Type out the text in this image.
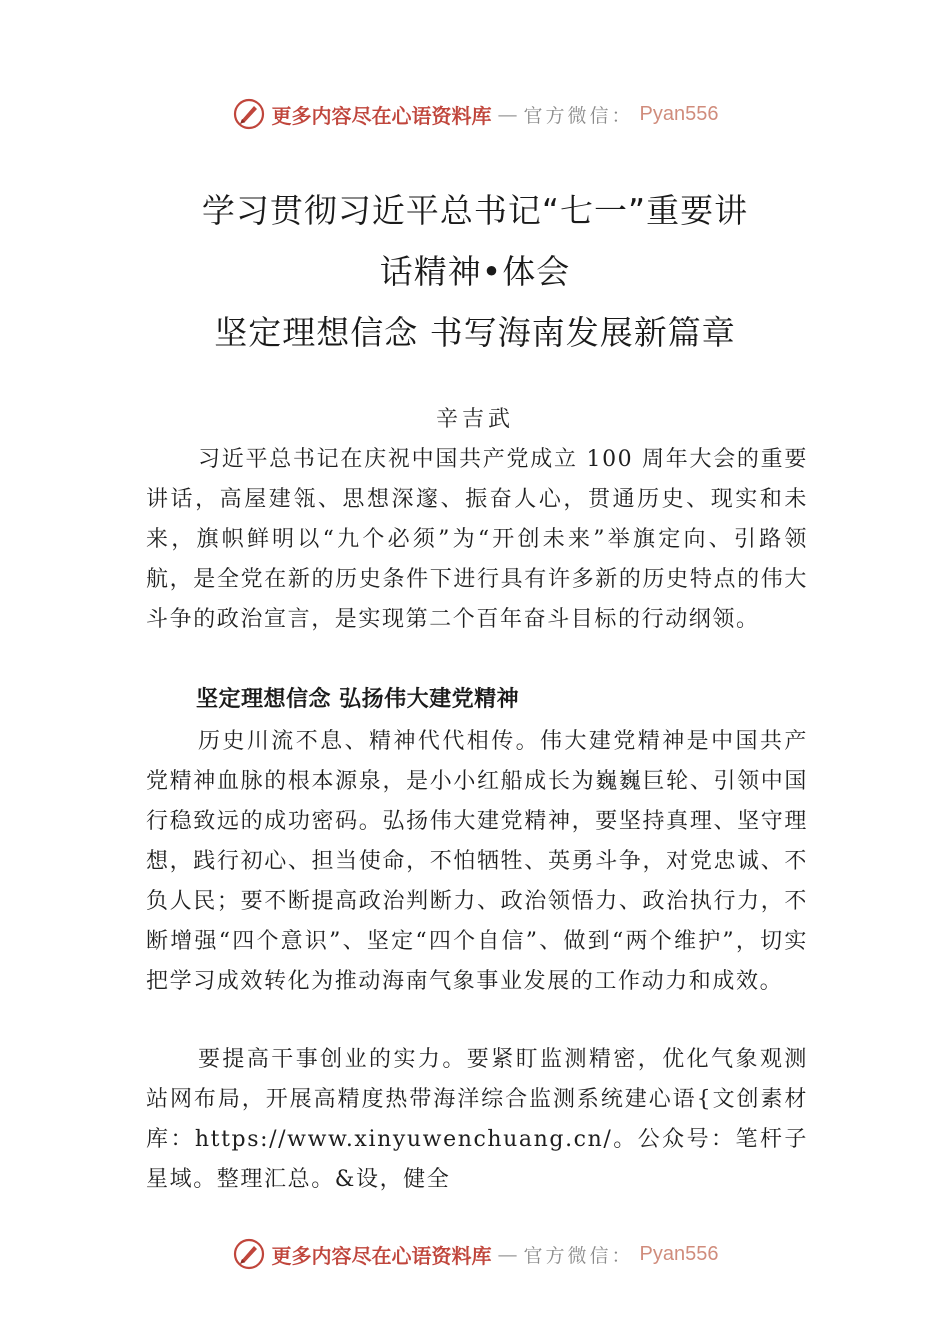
更多内容尽在心语资料库 — 官方微信： Pyan556
学习贯彻习近平总书记“七一”重要讲
话精神•体会
坚定理想信念 书写海南发展新篇章
辛吉武

习近平总书记在庆祝中国共产党成立 100 周年大会的重要讲话，高屋建瓴、思想深邃、振奋人心，贯通历史、现实和未来，旗帜鲜明以“九个必须”为“开创未来”举旗定向、引路领航，是全党在新的历史条件下进行具有许多新的历史特点的伟大斗争的政治宣言，是实现第二个百年奋斗目标的行动纲领。

坚定理想信念 弘扬伟大建党精神

历史川流不息、精神代代相传。伟大建党精神是中国共产党精神血脉的根本源泉，是小小红船成长为巍巍巨轮、引领中国行稳致远的成功密码。弘扬伟大建党精神，要坚持真理、坚守理想，践行初心、担当使命，不怕牺牲、英勇斗争，对党忠诚、不负人民；要不断提高政治判断力、政治领悟力、政治执行力，不断增强“四个意识”、坚定“四个自信”、做到“两个维护”，切实把学习成效转化为推动海南气象事业发展的工作动力和成效。

要提高干事创业的实力。要紧盯监测精密，优化气象观测站网布局，开展高精度热带海洋综合监测系统建心语{文创素材库：https://www.xinyuwenchuang.cn/。公众号：笔杆子星域。整理汇总。&设，健全

更多内容尽在心语资料库 — 官方微信： Pyan556
